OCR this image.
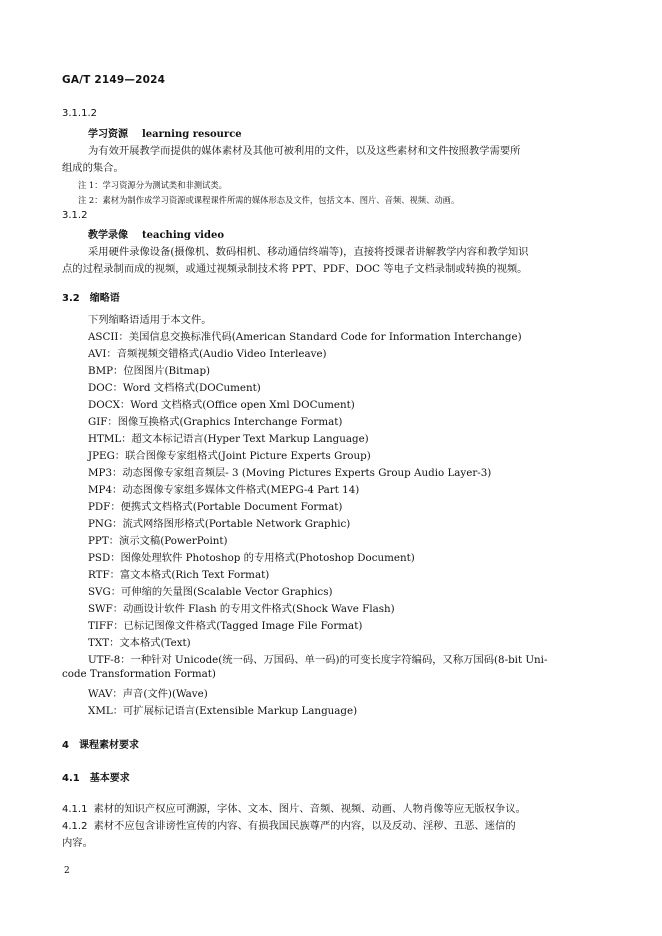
GA/T 2149—2024
3.1.1.2
学习资源 learning resource
为有效开展教学而提供的媒体素材及其他可被利用的文件，以及这些素材和文件按照教学需要所
组成的集合。
注 1：学习资源分为测试类和非测试类。
注 2：素材为制作成学习资源或课程课件所需的媒体形态及文件，包括文本、图片、音频、视频、动画。
3.1.2
教学录像 teaching video
采用硬件录像设备(摄像机、数码相机、移动通信终端等)，直接将授课者讲解教学内容和教学知识
点的过程录制而成的视频，或通过视频录制技术将 PPT、PDF、DOC 等电子文档录制或转换的视频。
3.2 缩略语
下列缩略语适用于本文件。
ASCII：美国信息交换标准代码(American Standard Code for Information Interchange)
AVI：音频视频交错格式(Audio Video Interleave)
BMP：位图图片(Bitmap)
DOC：Word 文档格式(DOCument)
DOCX：Word 文档格式(Office open Xml DOCument)
GIF：图像互换格式(Graphics Interchange Format)
HTML：超文本标记语言(Hyper Text Markup Language)
JPEG：联合图像专家组格式(Joint Picture Experts Group)
MP3：动态图像专家组音频层- 3 (Moving Pictures Experts Group Audio Layer-3)
MP4：动态图像专家组多媒体文件格式(MEPG-4 Part 14)
PDF：便携式文档格式(Portable Document Format)
PNG：流式网络图形格式(Portable Network Graphic)
PPT：演示文稿(PowerPoint)
PSD：图像处理软件 Photoshop 的专用格式(Photoshop Document)
RTF：富文本格式(Rich Text Format)
SVG：可伸缩的矢量图(Scalable Vector Graphics)
SWF：动画设计软件 Flash 的专用文件格式(Shock Wave Flash)
TIFF：已标记图像文件格式(Tagged Image File Format)
TXT：文本格式(Text)
UTF-8：一种针对 Unicode(统一码、万国码、单一码)的可变长度字符编码，又称万国码(8-bit Uni-
code Transformation Format)
WAV：声音(文件)(Wave)
XML：可扩展标记语言(Extensible Markup Language)
4 课程素材要求
4.1 基本要求
4.1.1 素材的知识产权应可溯源，字体、文本、图片、音频、视频、动画、人物肖像等应无版权争议。
4.1.2 素材不应包含诽谤性宣传的内容、有损我国民族尊严的内容，以及反动、淫秽、丑恶、迷信的
内容。
2
